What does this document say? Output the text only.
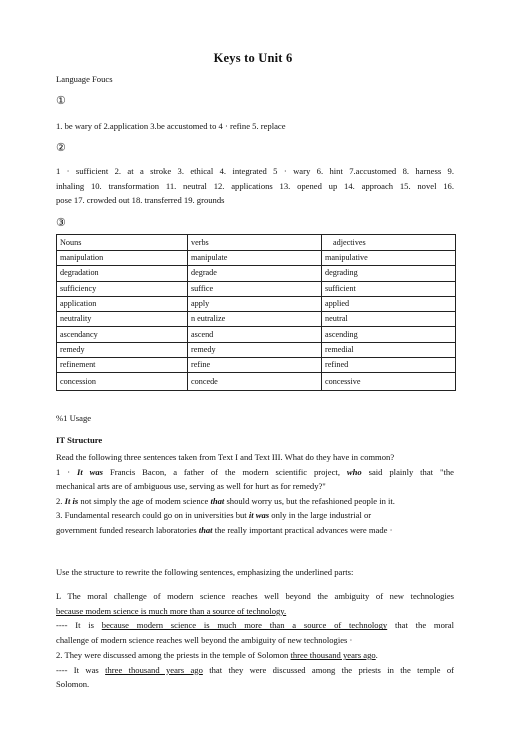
Keys to Unit 6
Language Foucs
①
1. be wary of 2.application 3.be accustomed to 4 · refine 5. replace
②
1 · sufficient 2. at a stroke 3. ethical 4. integrated 5 · wary 6. hint 7.accustomed 8. harness 9.
inhaling 10. transformation 11. neutral 12. applications 13. opened up 14. approach 15. novel 16.
pose 17. crowded out 18. transferred 19. grounds
③
Nouns	verbs	adjectives
manipulation	manipulate	manipulative
degradation	degrade	degrading
sufficiency	suffice	sufficient
application	apply	applied
neutrality	n eutralize	neutral
ascendancy	ascend	ascending
remedy	remedy	remedial
refinement	refine	refined
concession	concede	concessive
%1 Usage
IT Structure
Read the following three sentences taken from Text I and Text III. What do they have in common?
1 · It was Francis Bacon, a father of the modern scientific project, who said plainly that "the
mechanical arts are of ambiguous use, serving as well for hurt as for remedy?"
2. It is not simply the age of modem science that should worry us, but the refashioned people in it.
3. Fundamental research could go on in universities but it was only in the large industrial or
government funded research laboratories that the really important practical advances were made ·
Use the structure to rewrite the following sentences, emphasizing the underlined parts:
L The moral challenge of modern science reaches well beyond the ambiguity of new technologies
because modem science is much more than a source of technology.
---- It is because modern science is much more than a source of technology that the moral
challenge of modern science reaches well beyond the ambiguity of new technologies ·
2. They were discussed among the priests in the temple of Solomon three thousand years ago.
---- It was three thousand years ago that they were discussed among the priests in the temple of
Solomon.
